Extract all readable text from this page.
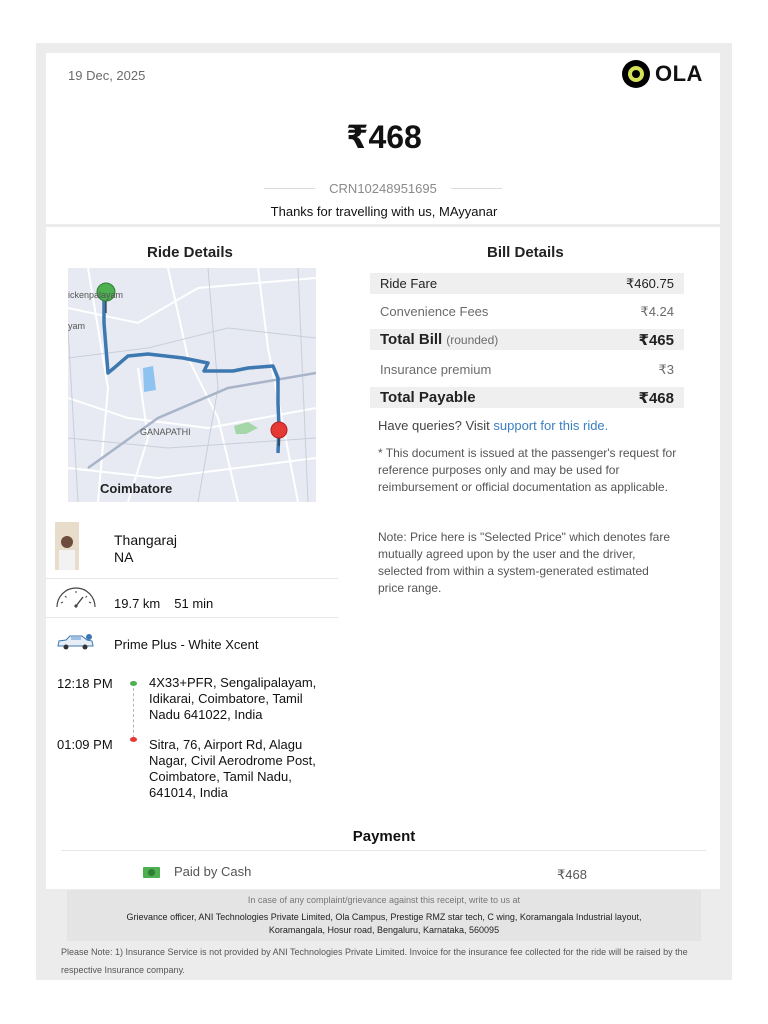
19 Dec, 2025	OLA
₹468
CRN10248951695
Thanks for travelling with us, MAyyanar
Ride Details
ickenpalayam
yam
GANAPATHI
Coimbatore
Thangaraj
NA
19.7 km 51 min
Prime Plus - White Xcent
12:18 PM	4X33+PFR, Sengalipalayam, Idikarai, Coimbatore, Tamil Nadu 641022, India
01:09 PM	Sitra, 76, Airport Rd, Alagu Nagar, Civil Aerodrome Post, Coimbatore, Tamil Nadu, 641014, India
Bill Details
Ride Fare	₹460.75
Convenience Fees	₹4.24
Total Bill (rounded)	₹465
Insurance premium	₹3
Total Payable	₹468
Have queries? Visit support for this ride.
* This document is issued at the passenger's request for reference purposes only and may be used for reimbursement or official documentation as applicable.
Note: Price here is "Selected Price" which denotes fare mutually agreed upon by the user and the driver, selected from within a system-generated estimated price range.
Payment
Paid by Cash	₹468
In case of any complaint/grievance against this receipt, write to us at
Grievance officer, ANI Technologies Private Limited, Ola Campus, Prestige RMZ star tech, C wing, Koramangala Industrial layout, Koramangala, Hosur road, Bengaluru, Karnataka, 560095
Please Note: 1) Insurance Service is not provided by ANI Technologies Private Limited. Invoice for the insurance fee collected for the ride will be raised by the respective Insurance company.
